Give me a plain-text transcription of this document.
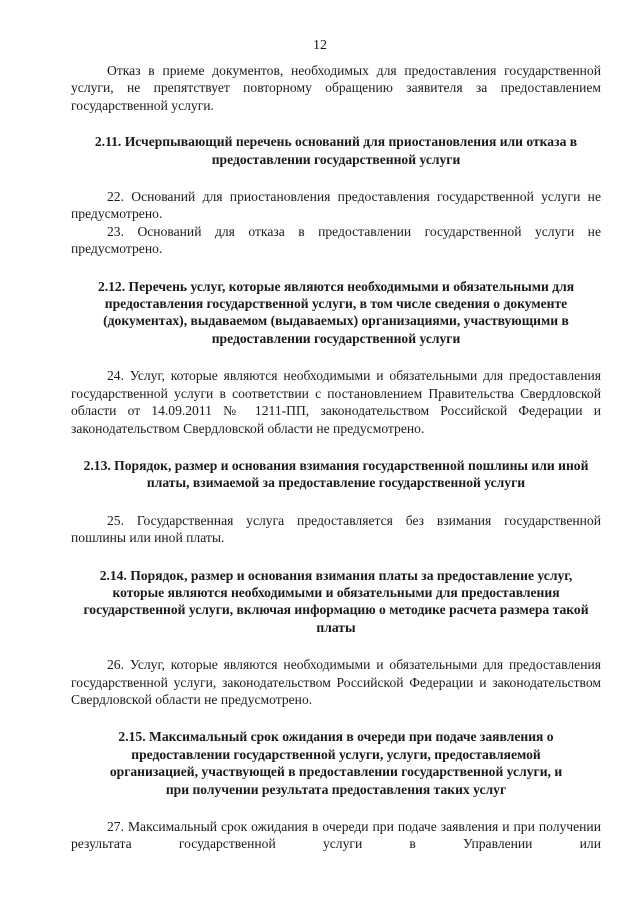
12

Отказ в приеме документов, необходимых для предоставления государственной услуги, не препятствует повторному обращению заявителя за предоставлением государственной услуги.

2.11. Исчерпывающий перечень оснований для приостановления или отказа в предоставлении государственной услуги

22. Оснований для приостановления предоставления государственной услуги не предусмотрено.

23. Оснований для отказа в предоставлении государственной услуги не предусмотрено.

2.12. Перечень услуг, которые являются необходимыми и обязательными для предоставления государственной услуги, в том числе сведения о документе (документах), выдаваемом (выдаваемых) организациями, участвующими в предоставлении государственной услуги

24. Услуг, которые являются необходимыми и обязательными для предоставления государственной услуги в соответствии с постановлением Правительства Свердловской области от 14.09.2011 № 1211-ПП, законодательством Российской Федерации и законодательством Свердловской области не предусмотрено.

2.13. Порядок, размер и основания взимания государственной пошлины или иной платы, взимаемой за предоставление государственной услуги

25. Государственная услуга предоставляется без взимания государственной пошлины или иной платы.

2.14. Порядок, размер и основания взимания платы за предоставление услуг, которые являются необходимыми и обязательными для предоставления государственной услуги, включая информацию о методике расчета размера такой платы

26. Услуг, которые являются необходимыми и обязательными для предоставления государственной услуги, законодательством Российской Федерации и законодательством Свердловской области не предусмотрено.

2.15. Максимальный срок ожидания в очереди при подаче заявления о предоставлении государственной услуги, услуги, предоставляемой организацией, участвующей в предоставлении государственной услуги, и при получении результата предоставления таких услуг

27. Максимальный срок ожидания в очереди при подаче заявления и при получении результата государственной услуги в Управлении или
